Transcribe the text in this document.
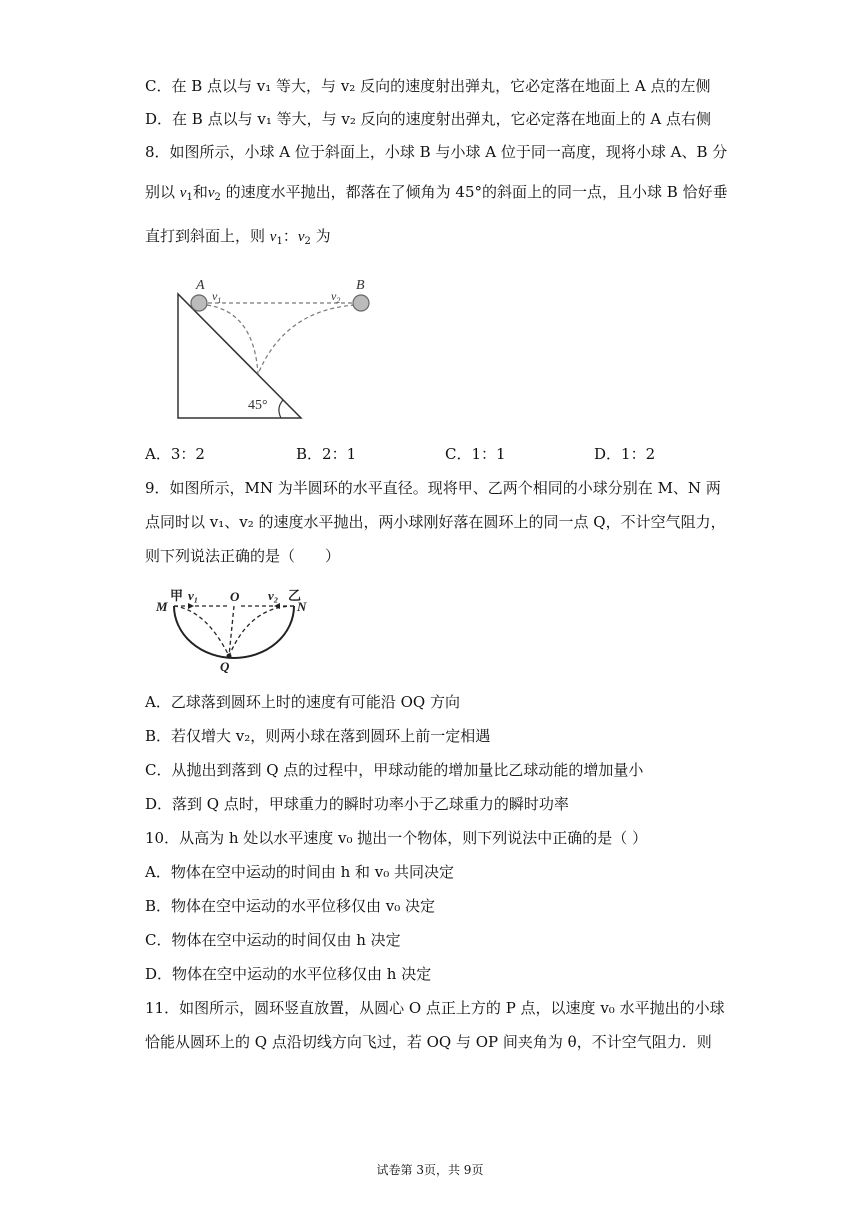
C．在 B 点以与 v₁ 等大，与 v₂ 反向的速度射出弹丸，它必定落在地面上 A 点的左侧
D．在 B 点以与 v₁ 等大，与 v₂ 反向的速度射出弹丸，它必定落在地面上的 A 点右侧
8．如图所示，小球 A 位于斜面上，小球 B 与小球 A 位于同一高度，现将小球 A、B 分
别以 $v_1$和$v_2$ 的速度水平抛出，都落在了倾角为 45°的斜面上的同一点，且小球 B 恰好垂
直打到斜面上，则 $v_1$：$v_2$ 为
A	B
$v_1$	$v_2$
45°
A．3：2	B．2：1	C．1：1	D．1：2
9．如图所示，MN 为半圆环的水平直径。现将甲、乙两个相同的小球分别在 M、N 两
点同时以 v₁、v₂ 的速度水平抛出，两小球刚好落在圆环上的同一点 Q，不计空气阻力，
则下列说法正确的是（　　）
甲 v₁ O v₂ 乙
M	N
Q
A．乙球落到圆环上时的速度有可能沿 OQ 方向
B．若仅增大 v₂，则两小球在落到圆环上前一定相遇
C．从抛出到落到 Q 点的过程中，甲球动能的增加量比乙球动能的增加量小
D．落到 Q 点时，甲球重力的瞬时功率小于乙球重力的瞬时功率
10．从高为 h 处以水平速度 v₀ 抛出一个物体，则下列说法中正确的是（ ）
A．物体在空中运动的时间由 h 和 v₀ 共同决定
B．物体在空中运动的水平位移仅由 v₀ 决定
C．物体在空中运动的时间仅由 h 决定
D．物体在空中运动的水平位移仅由 h 决定
11．如图所示，圆环竖直放置，从圆心 O 点正上方的 P 点，以速度 v₀ 水平抛出的小球
恰能从圆环上的 Q 点沿切线方向飞过，若 OQ 与 OP 间夹角为 θ，不计空气阻力．则
试卷第 3页，共 9页
